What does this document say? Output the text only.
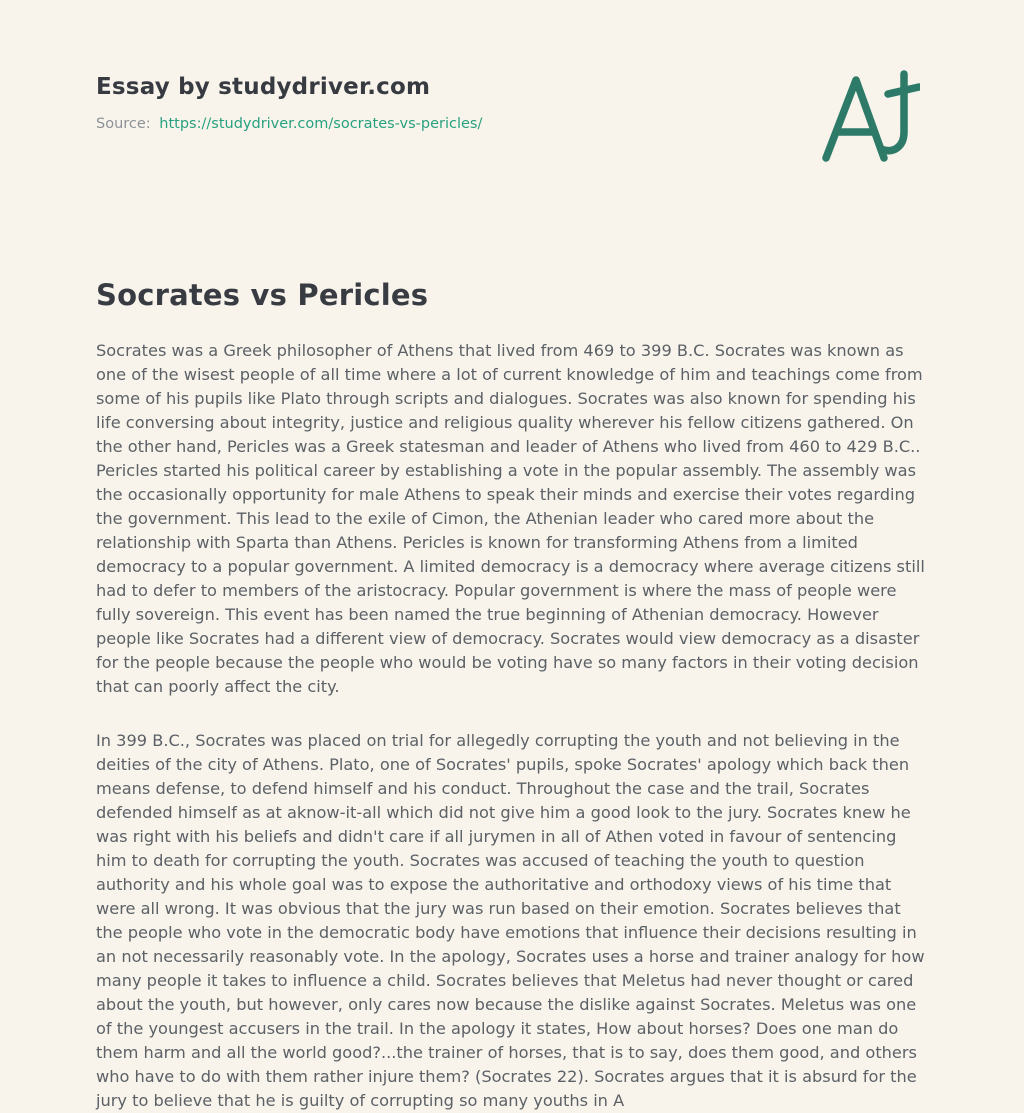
Essay by studydriver.com

Source: https://studydriver.com/socrates-vs-pericles/

Socrates vs Pericles

Socrates was a Greek philosopher of Athens that lived from 469 to 399 B.C. Socrates was known as one of the wisest people of all time where a lot of current knowledge of him and teachings come from some of his pupils like Plato through scripts and dialogues. Socrates was also known for spending his life conversing about integrity, justice and religious quality wherever his fellow citizens gathered. On the other hand, Pericles was a Greek statesman and leader of Athens who lived from 460 to 429 B.C.. Pericles started his political career by establishing a vote in the popular assembly. The assembly was the occasionally opportunity for male Athens to speak their minds and exercise their votes regarding the government. This lead to the exile of Cimon, the Athenian leader who cared more about the relationship with Sparta than Athens. Pericles is known for transforming Athens from a limited democracy to a popular government. A limited democracy is a democracy where average citizens still had to defer to members of the aristocracy. Popular government is where the mass of people were fully sovereign. This event has been named the true beginning of Athenian democracy. However people like Socrates had a different view of democracy. Socrates would view democracy as a disaster for the people because the people who would be voting have so many factors in their voting decision that can poorly affect the city.

In 399 B.C., Socrates was placed on trial for allegedly corrupting the youth and not believing in the deities of the city of Athens. Plato, one of Socrates' pupils, spoke Socrates' apology which back then means defense, to defend himself and his conduct. Throughout the case and the trail, Socrates defended himself as at aknow-it-all which did not give him a good look to the jury. Socrates knew he was right with his beliefs and didn't care if all jurymen in all of Athen voted in favour of sentencing him to death for corrupting the youth. Socrates was accused of teaching the youth to question authority and his whole goal was to expose the authoritative and orthodoxy views of his time that were all wrong. It was obvious that the jury was run based on their emotion. Socrates believes that the people who vote in the democratic body have emotions that influence their decisions resulting in an not necessarily reasonably vote. In the apology, Socrates uses a horse and trainer analogy for how many people it takes to influence a child. Socrates believes that Meletus had never thought or cared about the youth, but however, only cares now because the dislike against Socrates. Meletus was one of the youngest accusers in the trail. In the apology it states, How about horses? Does one man do them harm and all the world good?...the trainer of horses, that is to say, does them good, and others who have to do with them rather injure them? (Socrates 22). Socrates argues that it is absurd for the jury to believe that he is guilty of corrupting so many youths in A
